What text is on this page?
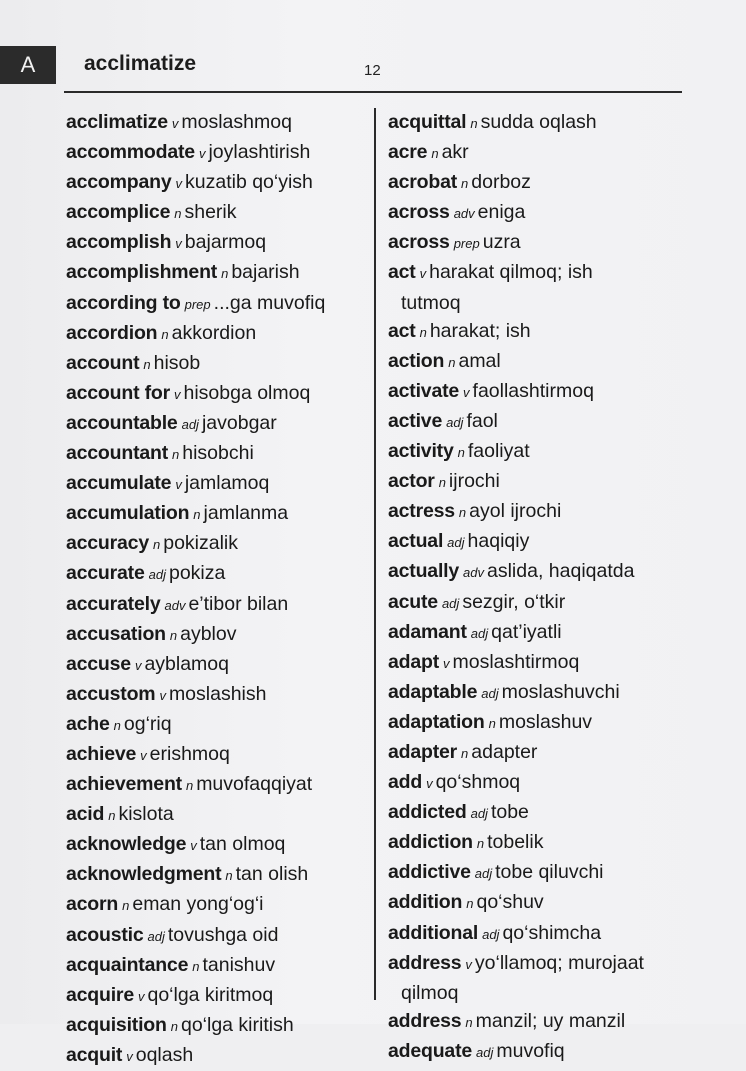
A	acclimatize	12
acclimatize v moslashmoq
accommodate v joylashtirish
accompany v kuzatib qo‘yish
accomplice n sherik
accomplish v bajarmoq
accomplishment n bajarish
according to prep ...ga muvofiq
accordion n akkordion
account n hisob
account for v hisobga olmoq
accountable adj javobgar
accountant n hisobchi
accumulate v jamlamoq
accumulation n jamlanma
accuracy n pokizalik
accurate adj pokiza
accurately adv e’tibor bilan
accusation n ayblov
accuse v ayblamoq
accustom v moslashish
ache n og‘riq
achieve v erishmoq
achievement n muvofaqqiyat
acid n kislota
acknowledge v tan olmoq
acknowledgment n tan olish
acorn n eman yong‘og‘i
acoustic adj tovushga oid
acquaintance n tanishuv
acquire v qo‘lga kiritmoq
acquisition n qo‘lga kiritish
acquit v oqlash
acquittal n sudda oqlash
acre n akr
acrobat n dorboz
across adv eniga
across prep uzra
act v harakat qilmoq; ish
tutmoq
act n harakat; ish
action n amal
activate v faollashtirmoq
active adj faol
activity n faoliyat
actor n ijrochi
actress n ayol ijrochi
actual adj haqiqiy
actually adv aslida, haqiqatda
acute adj sezgir, o‘tkir
adamant adj qat’iyatli
adapt v moslashtirmoq
adaptable adj moslashuvchi
adaptation n moslashuv
adapter n adapter
add v qo‘shmoq
addicted adj tobe
addiction n tobelik
addictive adj tobe qiluvchi
addition n qo‘shuv
additional adj qo‘shimcha
address v yo‘llamoq; murojaat
qilmoq
address n manzil; uy manzil
adequate adj muvofiq
